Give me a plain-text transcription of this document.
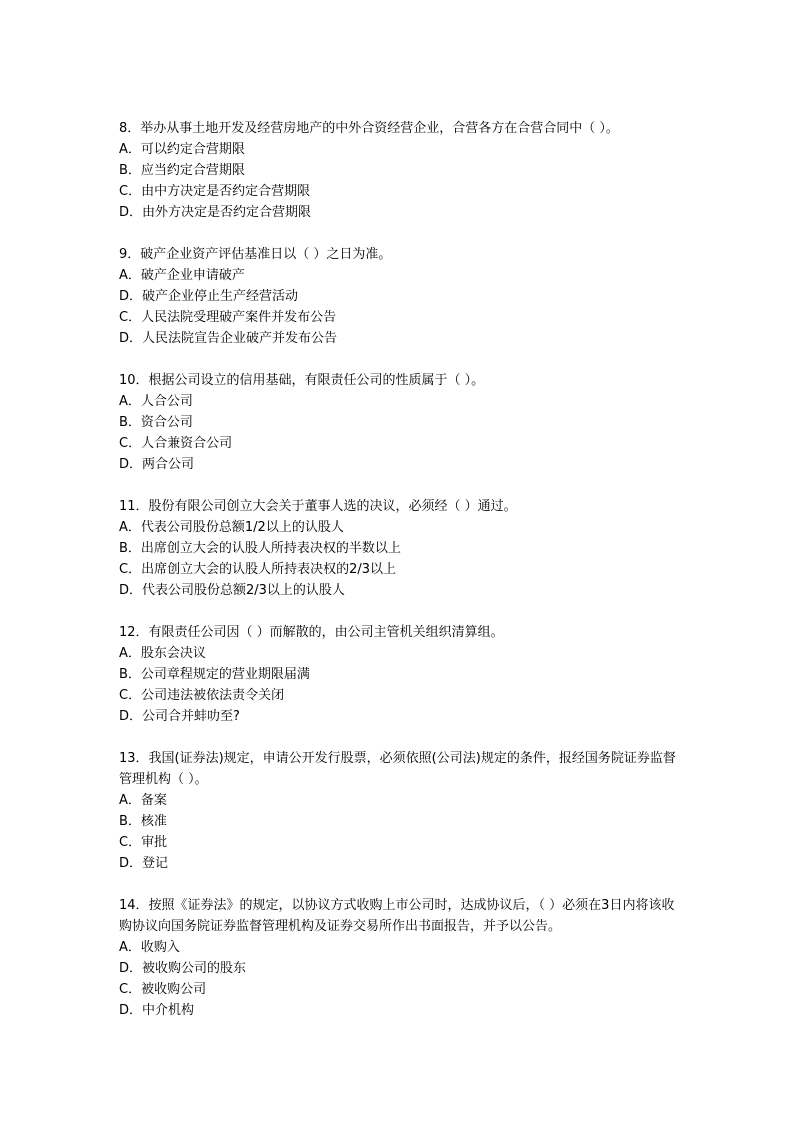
8．举办从事土地开发及经营房地产的中外合资经营企业，合营各方在合营合同中（ ）。
A．可以约定合营期限
B．应当约定合营期限
C．由中方决定是否约定合营期限
D．由外方决定是否约定合营期限
9．破产企业资产评估基准日以（ ）之日为准。
A．破产企业申请破产
D．破产企业停止生产经营活动
C．人民法院受理破产案件并发布公告
D．人民法院宣告企业破产并发布公告
10．根据公司设立的信用基础，有限责任公司的性质属于（ ）。
A．人合公司
B．资合公司
C．人合兼资合公司
D．两合公司
11．股份有限公司创立大会关于董事人选的决议，必须经（ ）通过。
A．代表公司股份总额1/2以上的认股人
B．出席创立大会的认股人所持表决权的半数以上
C．出席创立大会的认股人所持表决权的2/3以上
D．代表公司股份总额2/3以上的认股人
12．有限责任公司因（ ）而解散的，由公司主管机关组织清算组。
A．股东会决议
B．公司章程规定的营业期限届满
C．公司违法被依法责令关闭
D．公司合并蚌叻至?
13．我国(证券法)规定，申请公开发行股票，必须依照(公司法)规定的条件，报经国务院证券监督管理机构（ ）。
A．备案
B．核准
C．审批
D．登记
14．按照《证券法》的规定，以协议方式收购上市公司时，达成协议后，（ ）必须在3日内将该收购协议向国务院证券监督管理机构及证券交易所作出书面报告，并予以公告。
A．收购入
D．被收购公司的股东
C．被收购公司
D．中介机构
